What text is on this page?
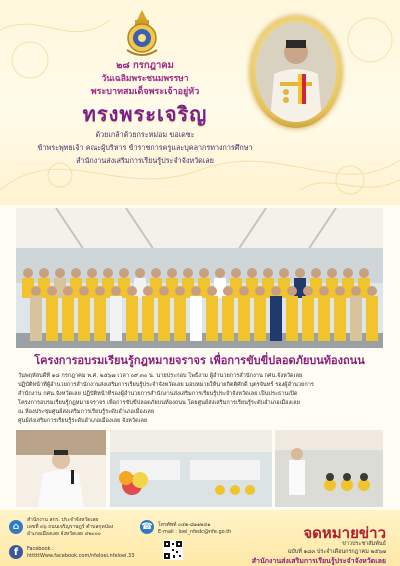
๒๘ กรกฎาคม
วันเฉลิมพระชนมพรรษา
พระบาทสมเด็จพระเจ้าอยู่หัว
ทรงพระเจริญ
ด้วยเกล้าด้วยกระหม่อม ขอเดชะ
ข้าพระพุทธเจ้า คณะผู้บริหาร ข้าราชการครูและบุคลากรทางการศึกษา
สำนักงานส่งเสริมการเรียนรู้ประจำจังหวัดเลย
โครงการอบรมเรียนรู้กฎหมายจราจร เพื่อการขับขี่ปลอดภัยบนท้องถนน
วันพฤหัสบดีที่ ๑๘ กรกฎาคม พ.ศ. ๒๕๖๗ เวลา ๐๙.๓๐ น. นายประกอบ โพธิ์งาม ผู้อำนวยการสำนักงาน กศน.จังหวัดเลย
ปฏิบัติหน้าที่ผู้อำนวยการสำนักงานส่งเสริมการเรียนรู้ประจำจังหวัดเลย มอบหมายให้นายกิตติศักดิ์ บุตรจันทร์ รองผู้อำนวยการ
สำนักงาน กศน.จังหวัดเลย ปฏิบัติหน้าที่รองผู้อำนวยการสำนักงานส่งเสริมการเรียนรู้ประจำจังหวัดเลย เป็นประธานเปิด
โครงการอบรมเรียนรู้กฎหมายจราจร เพื่อการขับขี่ปลอดภัยบนท้องถนน โดยศูนย์ส่งเสริมการเรียนรู้ระดับอำเภอเมืองเลย
ณ ห้องประชุมศูนย์ส่งเสริมการเรียนรู้ระดับอำเภอเมืองเลย
ศูนย์ส่งเสริมการเรียนรู้ระดับอำเภอเมืองเลย จังหวัดเลย
⌂
สำนักงาน สกร. ประจำจังหวัดเลย
เลขที่ ๓๖ ถนนเจริญราษฎร์ ตำบลกุดป่อง
อำเภอเมืองเลย จังหวัดเลย ๔๒๐๐๐
☎ โทรศัพท์ ๐๔๒-๘๑๑๒๔๑
E-mail : loei_nfedc@nfe.go.th
f	Facebook :
htttttWww.facebook.com/nfeloei.nfeloei.33
จดหมายข่าว
ข่าวประชาสัมพันธ์
ฉบับที่ ๑๘๓ ประจำเดือนกรกฎาคม ๒๕๖๗
สำนักงานส่งเสริมการเรียนรู้ประจำจังหวัดเลย
